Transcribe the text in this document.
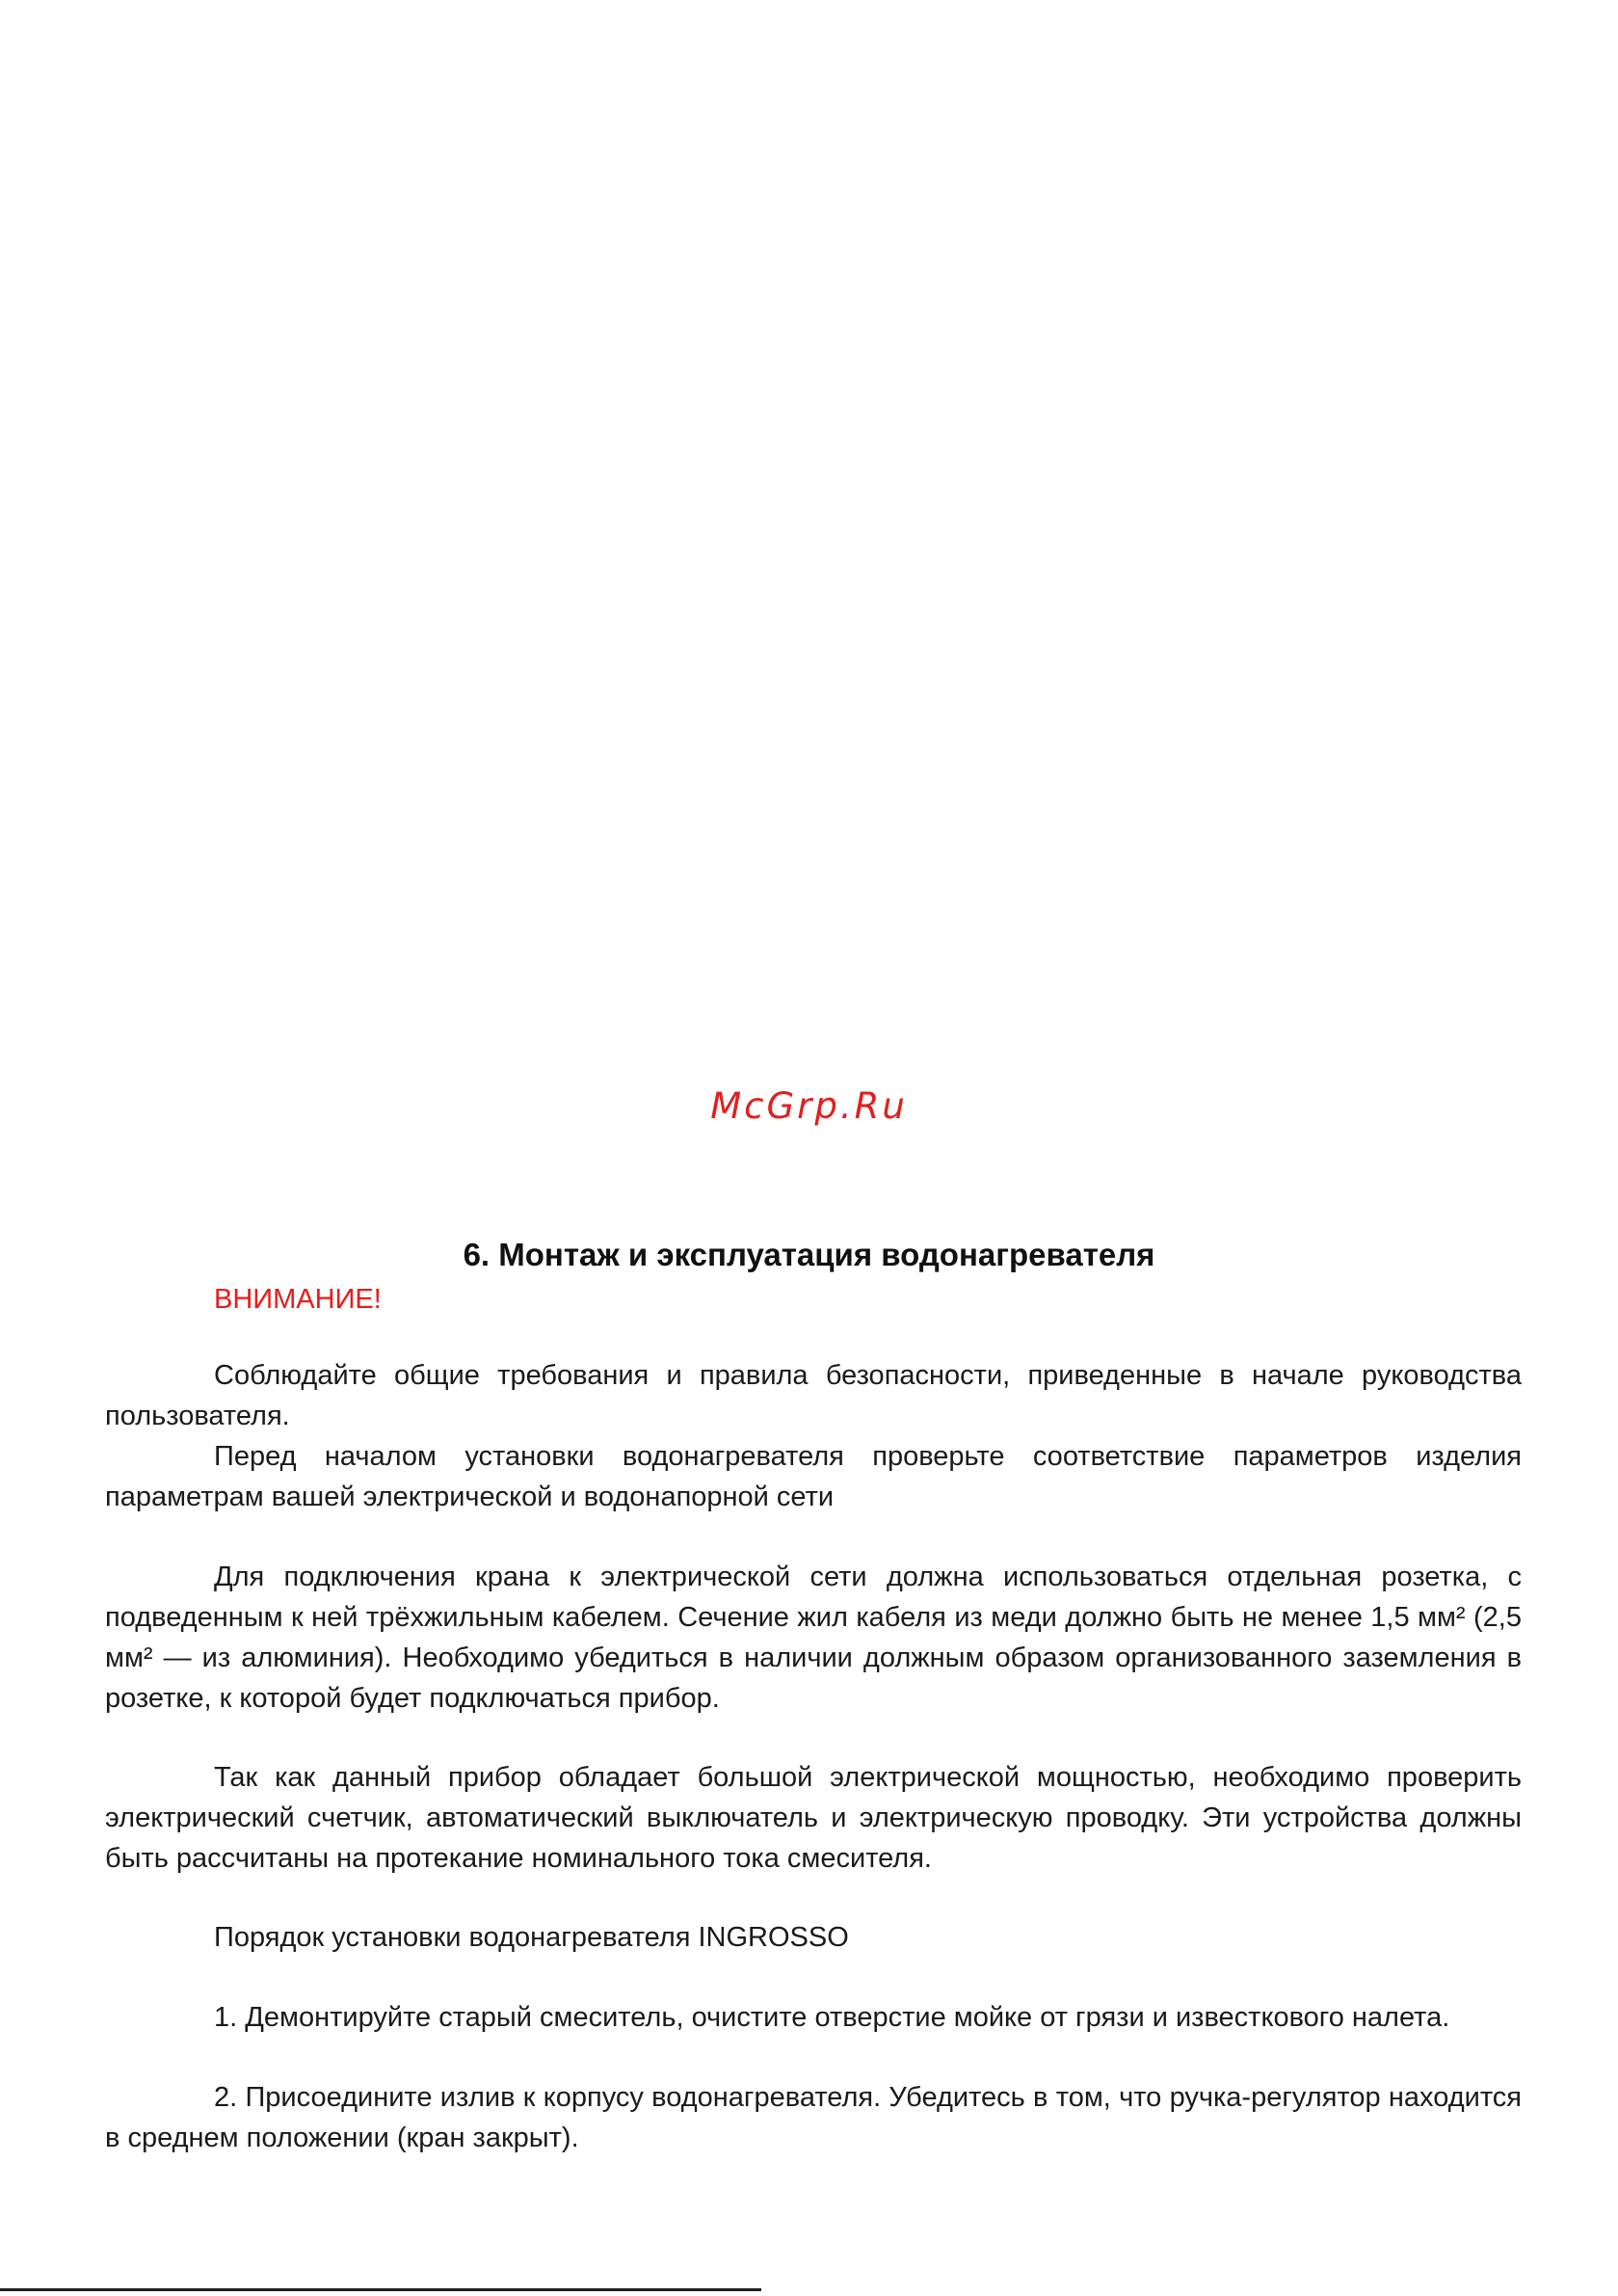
McGrp.Ru
6. Монтаж и эксплуатация водонагревателя
ВНИМАНИЕ!

Соблюдайте общие требования и правила безопасности, приведенные в начале руководства пользователя.

Перед началом установки водонагревателя проверьте соответствие параметров изделия параметрам вашей электрической и водонапорной сети

Для подключения крана к электрической сети должна использоваться отдельная розетка, с подведенным к ней трёхжильным кабелем. Сечение жил кабеля из меди должно быть не менее 1,5 мм² (2,5 мм² — из алюминия). Необходимо убедиться в наличии должным образом организованного заземления в розетке, к которой будет подключаться прибор.

Так как данный прибор обладает большой электрической мощностью, необходимо проверить электрический счетчик, автоматический выключатель и электрическую проводку. Эти устройства должны быть рассчитаны на протекание номинального тока смесителя.

Порядок установки водонагревателя INGROSSO
1. Демонтируйте старый смеситель, очистите отверстие мойке от грязи и известкового налета.

2. Присоедините излив к корпусу водонагревателя. Убедитесь в том, что ручка-регулятор находится в среднем положении (кран закрыт).
